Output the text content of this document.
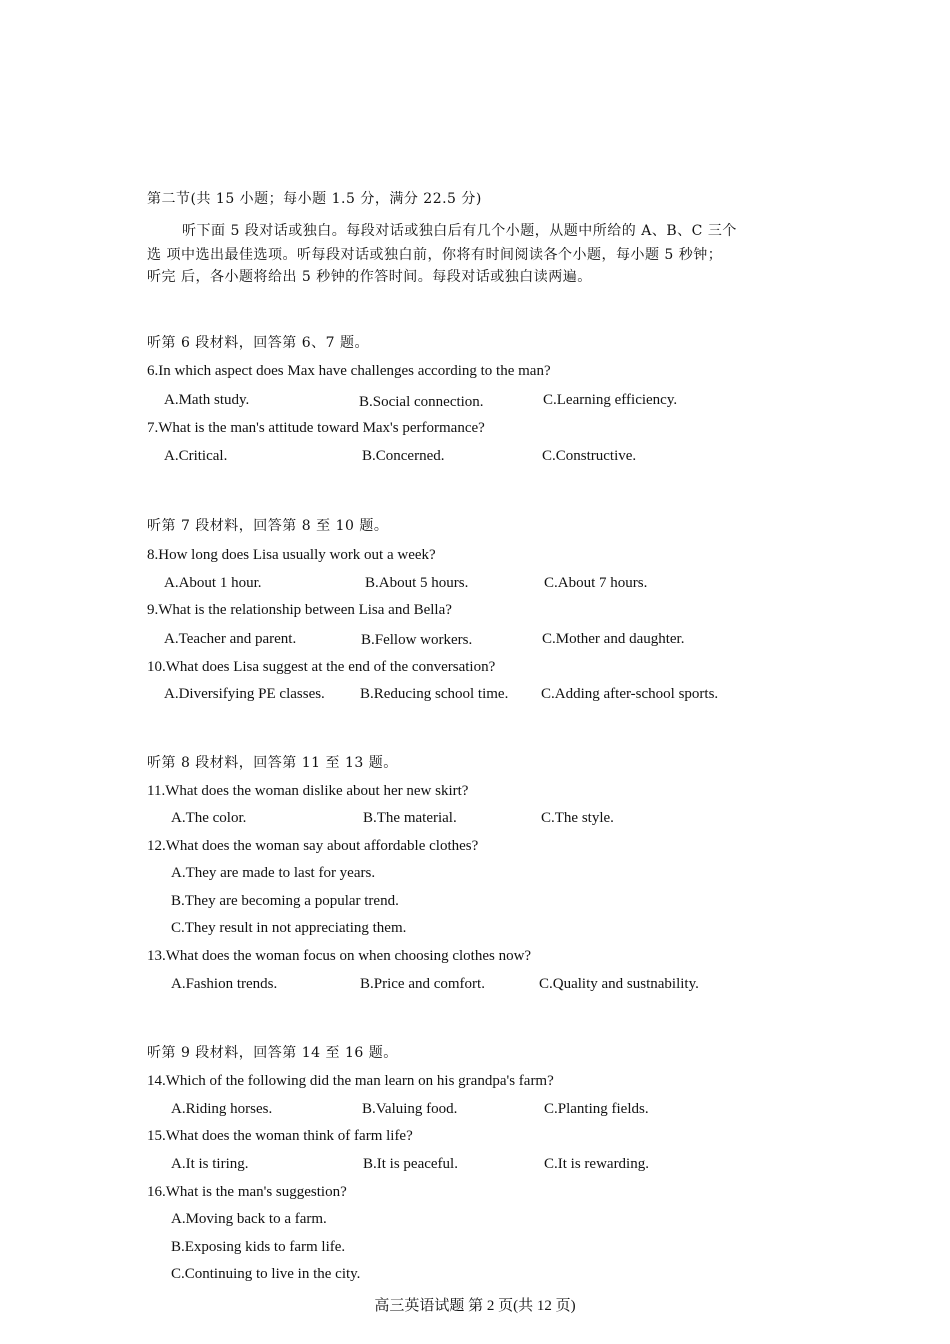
第二节(共 15 小题；每小题 1.5 分，满分 22.5 分)
听下面 5 段对话或独白。每段对话或独白后有几个小题，从题中所给的 A、B、C 三个
选 项中选出最佳选项。听每段对话或独白前，你将有时间阅读各个小题，每小题 5 秒钟；
听完 后，各小题将给出 5 秒钟的作答时间。每段对话或独白读两遍。
听第 6 段材料，回答第 6、7 题。
6.In which aspect does Max have challenges according to the man?
A.Math study.	B.Social connection.	C.Learning efficiency.
7.What is the man's attitude toward Max's performance?
A.Critical.	B.Concerned.	C.Constructive.
听第 7 段材料，回答第 8 至 10 题。
8.How long does Lisa usually work out a week?
A.About 1 hour.	B.About 5 hours.	C.About 7 hours.
9.What is the relationship between Lisa and Bella?
A.Teacher and parent.	B.Fellow workers.	C.Mother and daughter.
10.What does Lisa suggest at the end of the conversation?
A.Diversifying PE classes. B.Reducing school time. C.Adding after-school sports.
听第 8 段材料，回答第 11 至 13 题。
11.What does the woman dislike about her new skirt?
A.The color.	B.The material.	C.The style.
12.What does the woman say about affordable clothes?
A.They are made to last for years.
B.They are becoming a popular trend.
C.They result in not appreciating them.
13.What does the woman focus on when choosing clothes now?
A.Fashion trends.	B.Price and comfort.	C.Quality and sustnability.
听第 9 段材料，回答第 14 至 16 题。
14.Which of the following did the man learn on his grandpa's farm?
A.Riding horses.	B.Valuing food.	C.Planting fields.
15.What does the woman think of farm life?
A.It is tiring.	B.It is peaceful.	C.It is rewarding.
16.What is the man's suggestion?
A.Moving back to a farm.
B.Exposing kids to farm life.
C.Continuing to live in the city.
高三英语试题 第 2 页(共 12 页)
